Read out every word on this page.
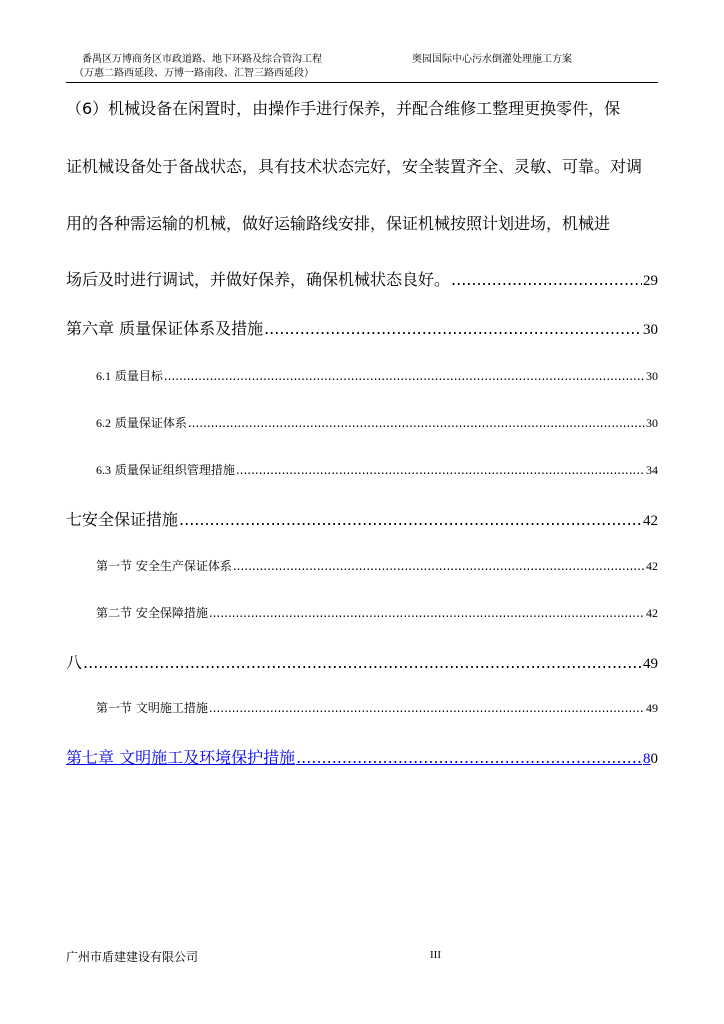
番禺区万博商务区市政道路、地下环路及综合管沟工程
（万惠二路西延段、万博一路南段、汇智三路西延段）
奥园国际中心污水倒灌处理施工方案
（6）机械设备在闲置时，由操作手进行保养，并配合维修工整理更换零件，保
证机械设备处于备战状态，具有技术状态完好，安全装置齐全、灵敏、可靠。对调
用的各种需运输的机械，做好运输路线安排，保证机械按照计划进场，机械进
场后及时进行调试，并做好保养，确保机械状态良好。 .....	29
第六章 质量保证体系及措施 .....	30
6.1 质量目标 .....	30
6.2 质量保证体系 .....	30
6.3 质量保证组织管理措施 .....	34
七安全保证措施 .....	42
第一节 安全生产保证体系 .....	42
第二节 安全保障措施 .....	42
八 .....	49
第一节 文明施工措施 .....	49
第七章 文明施工及环境保护措施 .....	8 0
广州市盾建建设有限公司	III
